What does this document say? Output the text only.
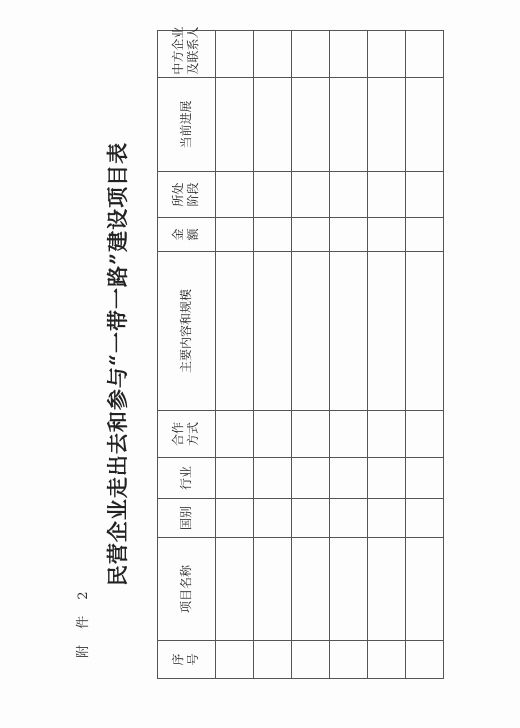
附 件 2
民营企业走出去和参与“一带一路”建设项目表
序号	项目名称	国别	行业	合作方式	主要内容和规模	金额	所处阶段	当前进展	中方企业及联系人
